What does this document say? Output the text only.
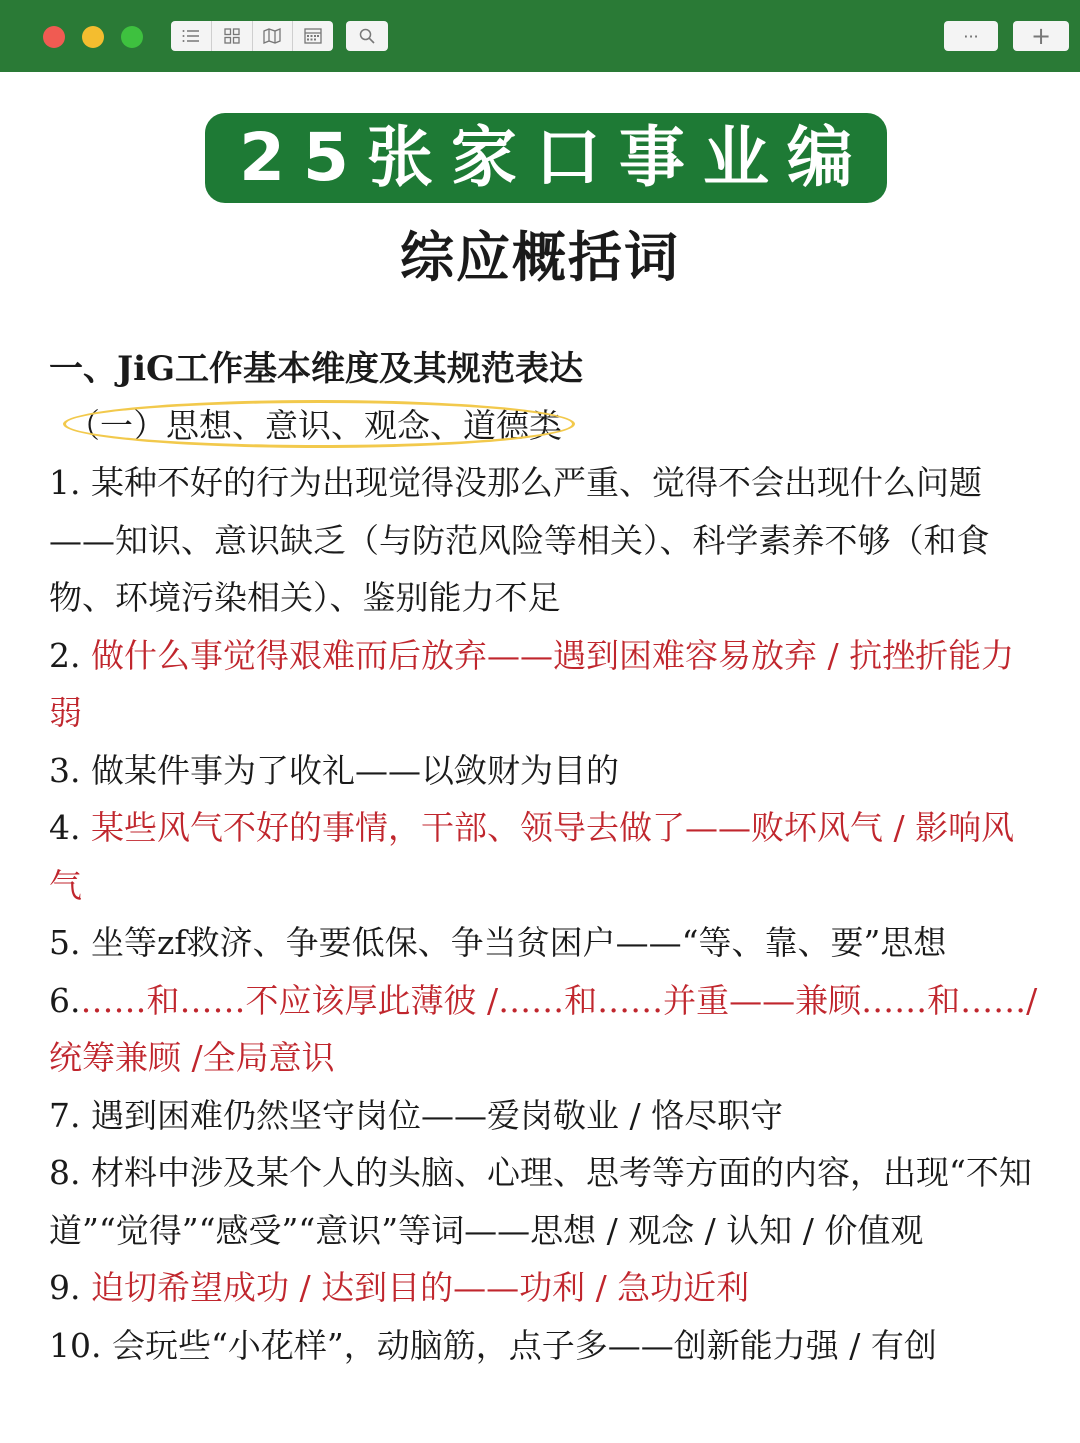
··· +
25张家口事业编
综应概括词
一、JiG工作基本维度及其规范表达
（一）思想、意识、观念、道德类
1. 某种不好的行为出现觉得没那么严重、觉得不会出现什么问题——知识、意识缺乏（与防范风险等相关）、科学素养不够（和食物、环境污染相关）、鉴别能力不足
2. 做什么事觉得艰难而后放弃——遇到困难容易放弃 / 抗挫折能力弱
3. 做某件事为了收礼——以敛财为目的
4. 某些风气不好的事情，干部、领导去做了——败坏风气 / 影响风气
5. 坐等zf救济、争要低保、争当贫困户——“等、靠、要”思想
6.……和……不应该厚此薄彼 /……和……并重——兼顾……和……/ 统筹兼顾 /全局意识
7. 遇到困难仍然坚守岗位——爱岗敬业 / 恪尽职守
8. 材料中涉及某个人的头脑、心理、思考等方面的内容，出现“不知道”“觉得”“感受”“意识”等词——思想 / 观念 / 认知 / 价值观
9. 迫切希望成功 / 达到目的——功利 / 急功近利
10. 会玩些“小花样”，动脑筋，点子多——创新能力强 / 有创
